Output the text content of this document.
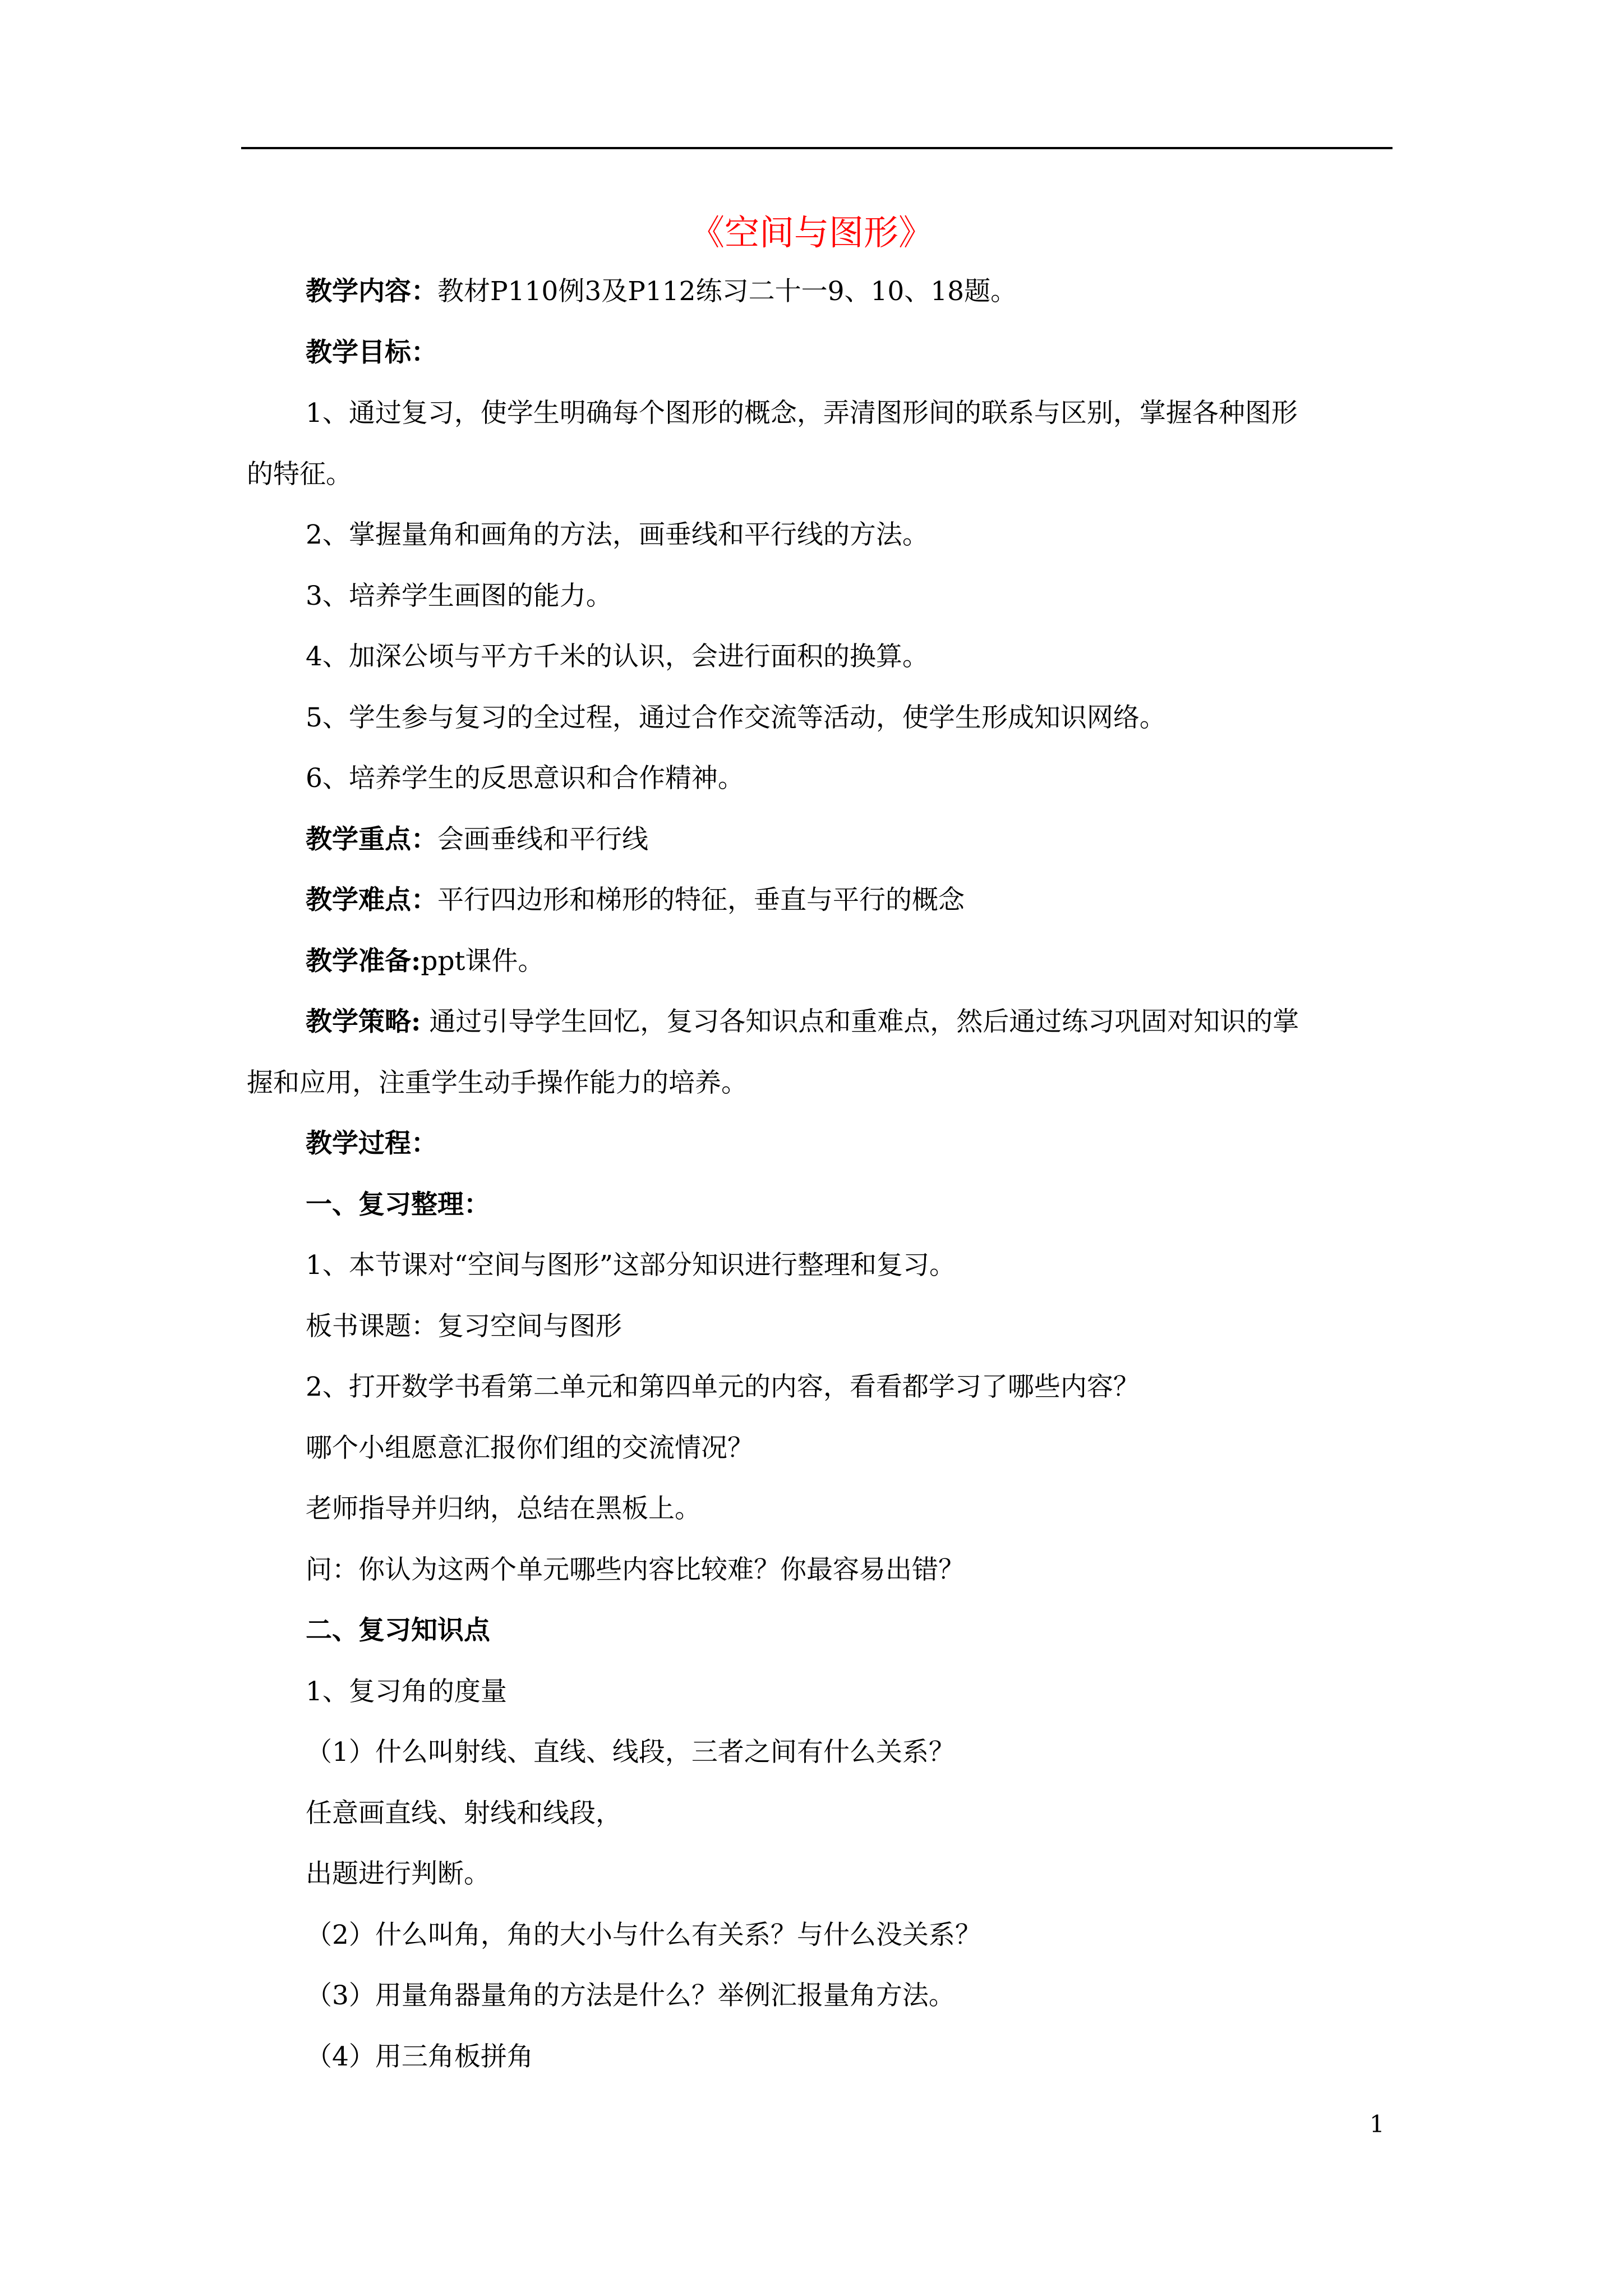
《空间与图形》
教学内容：教材P110例3及P112练习二十一9、10、18题。
教学目标：
1、通过复习，使学生明确每个图形的概念，弄清图形间的联系与区别，掌握各种图形
的特征。
2、掌握量角和画角的方法，画垂线和平行线的方法。
3、培养学生画图的能力。
4、加深公顷与平方千米的认识，会进行面积的换算。
5、学生参与复习的全过程，通过合作交流等活动，使学生形成知识网络。
6、培养学生的反思意识和合作精神。
教学重点：会画垂线和平行线
教学难点：平行四边形和梯形的特征，垂直与平行的概念
教学准备:ppt课件。
教学策略: 通过引导学生回忆，复习各知识点和重难点，然后通过练习巩固对知识的掌
握和应用，注重学生动手操作能力的培养。
教学过程：
一、复习整理：
1、本节课对“空间与图形”这部分知识进行整理和复习。
板书课题：复习空间与图形
2、打开数学书看第二单元和第四单元的内容，看看都学习了哪些内容？
哪个小组愿意汇报你们组的交流情况？
老师指导并归纳，总结在黑板上。
问：你认为这两个单元哪些内容比较难？你最容易出错？
二、复习知识点
1、复习角的度量
（1）什么叫射线、直线、线段，三者之间有什么关系？
任意画直线、射线和线段，
出题进行判断。
（2）什么叫角，角的大小与什么有关系？与什么没关系？
（3）用量角器量角的方法是什么？举例汇报量角方法。
（4）用三角板拼角
1
